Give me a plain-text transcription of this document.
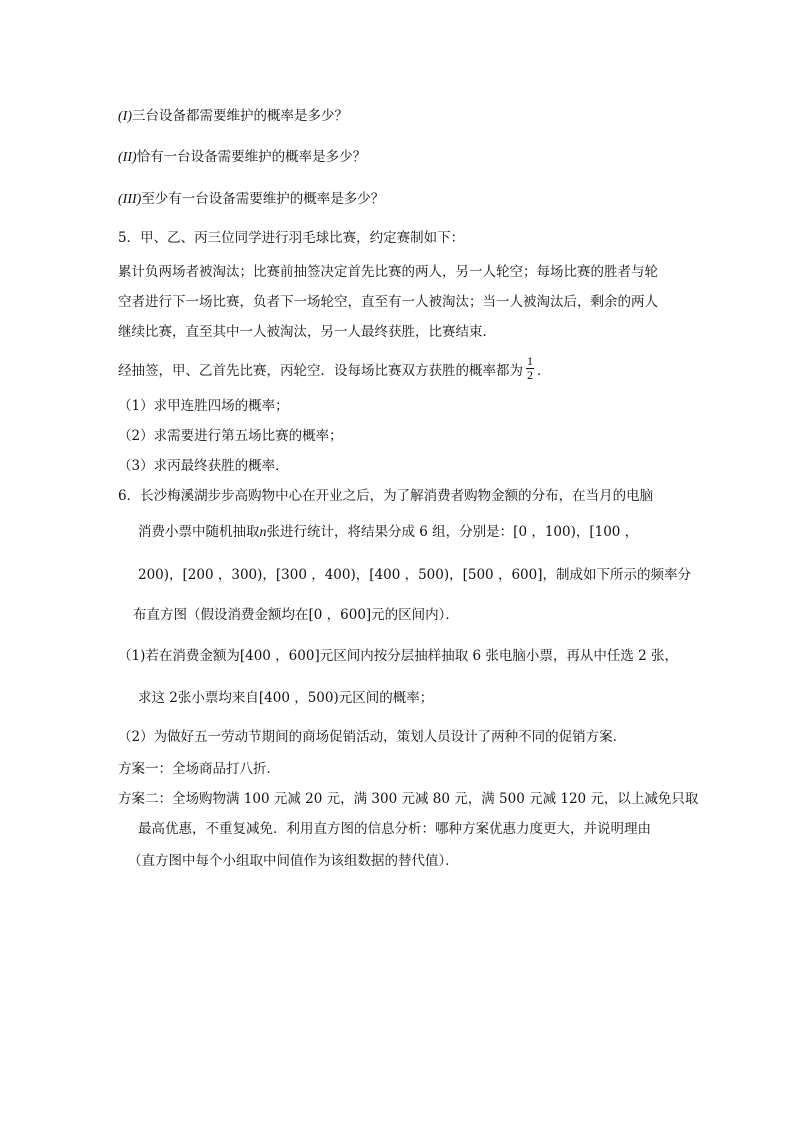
(I)三台设备都需要维护的概率是多少？
(II)恰有一台设备需要维护的概率是多少？
(III)至少有一台设备需要维护的概率是多少？
5．甲、乙、丙三位同学进行羽毛球比赛，约定赛制如下：
累计负两场者被淘汰；比赛前抽签决定首先比赛的两人，另一人轮空；每场比赛的胜者与轮
空者进行下一场比赛，负者下一场轮空，直至有一人被淘汰；当一人被淘汰后，剩余的两人
继续比赛，直至其中一人被淘汰，另一人最终获胜，比赛结束．
经抽签，甲、乙首先比赛，丙轮空．设每场比赛双方获胜的概率都为 $\frac{1}{2}$ ．
（1）求甲连胜四场的概率；
（2）求需要进行第五场比赛的概率；
（3）求丙最终获胜的概率．
6．长沙梅溪湖步步高购物中心在开业之后，为了解消费者购物金额的分布，在当月的电脑
消费小票中随机抽取n张进行统计，将结果分成 6 组，分别是：[0 ，100)，[100 ，
200)，[200 ，300)，[300 ，400)，[400 ，500)，[500 ，600]，制成如下所示的频率分
布直方图（假设消费金额均在[0 ，600]元的区间内）．
（1)若在消费金额为[400 ，600]元区间内按分层抽样抽取 6 张电脑小票，再从中任选 2 张，
求这 2张小票均来自[400 ，500)元区间的概率；
（2）为做好五一劳动节期间的商场促销活动，策划人员设计了两种不同的促销方案．
方案一：全场商品打八折．
方案二：全场购物满 100 元减 20 元，满 300 元减 80 元，满 500 元减 120 元，以上减免只取
最高优惠，不重复减免．利用直方图的信息分析：哪种方案优惠力度更大，并说明理由
（直方图中每个小组取中间值作为该组数据的替代值）．
